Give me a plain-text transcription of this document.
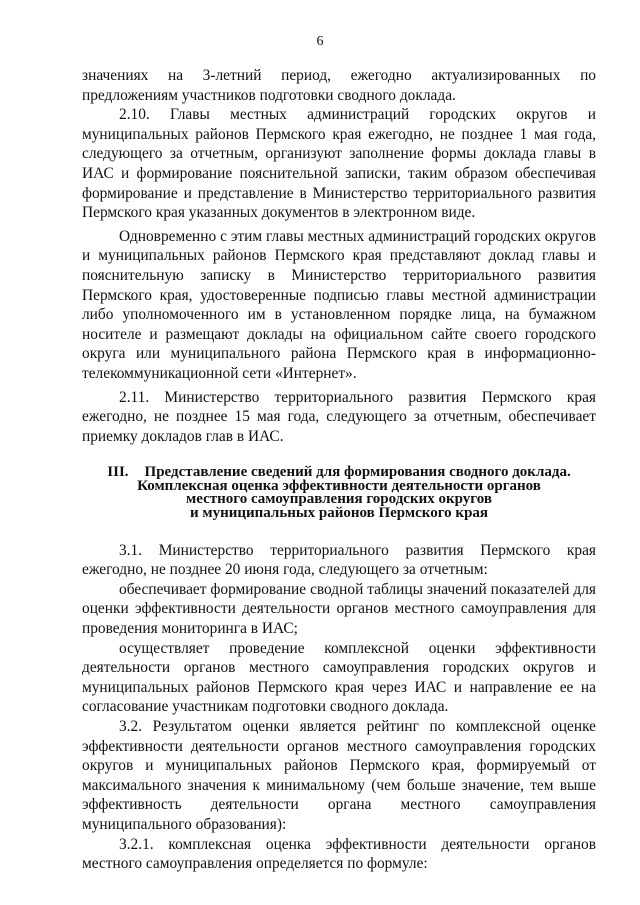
6

значениях на 3-летний период, ежегодно актуализированных по предложениям участников подготовки сводного доклада.

2.10. Главы местных администраций городских округов и муниципальных районов Пермского края ежегодно, не позднее 1 мая года, следующего за отчетным, организуют заполнение формы доклада главы в ИАС и формирование пояснительной записки, таким образом обеспечивая формирование и представление в Министерство территориального развития Пермского края указанных документов в электронном виде.

Одновременно с этим главы местных администраций городских округов и муниципальных районов Пермского края представляют доклад главы и пояснительную записку в Министерство территориального развития Пермского края, удостоверенные подписью главы местной администрации либо уполномоченного им в установленном порядке лица, на бумажном носителе и размещают доклады на официальном сайте своего городского округа или муниципального района Пермского края в информационно-телекоммуникационной сети «Интернет».

2.11. Министерство территориального развития Пермского края ежегодно, не позднее 15 мая года, следующего за отчетным, обеспечивает приемку докладов глав в ИАС.

III. Представление сведений для формирования сводного доклада.
Комплексная оценка эффективности деятельности органов
местного самоуправления городских округов
и муниципальных районов Пермского края

3.1. Министерство территориального развития Пермского края ежегодно, не позднее 20 июня года, следующего за отчетным:

обеспечивает формирование сводной таблицы значений показателей для оценки эффективности деятельности органов местного самоуправления для проведения мониторинга в ИАС;

осуществляет проведение комплексной оценки эффективности деятельности органов местного самоуправления городских округов и муниципальных районов Пермского края через ИАС и направление ее на согласование участникам подготовки сводного доклада.

3.2. Результатом оценки является рейтинг по комплексной оценке эффективности деятельности органов местного самоуправления городских округов и муниципальных районов Пермского края, формируемый от максимального значения к минимальному (чем больше значение, тем выше эффективность деятельности органа местного самоуправления муниципального образования):

3.2.1. комплексная оценка эффективности деятельности органов местного самоуправления определяется по формуле:
